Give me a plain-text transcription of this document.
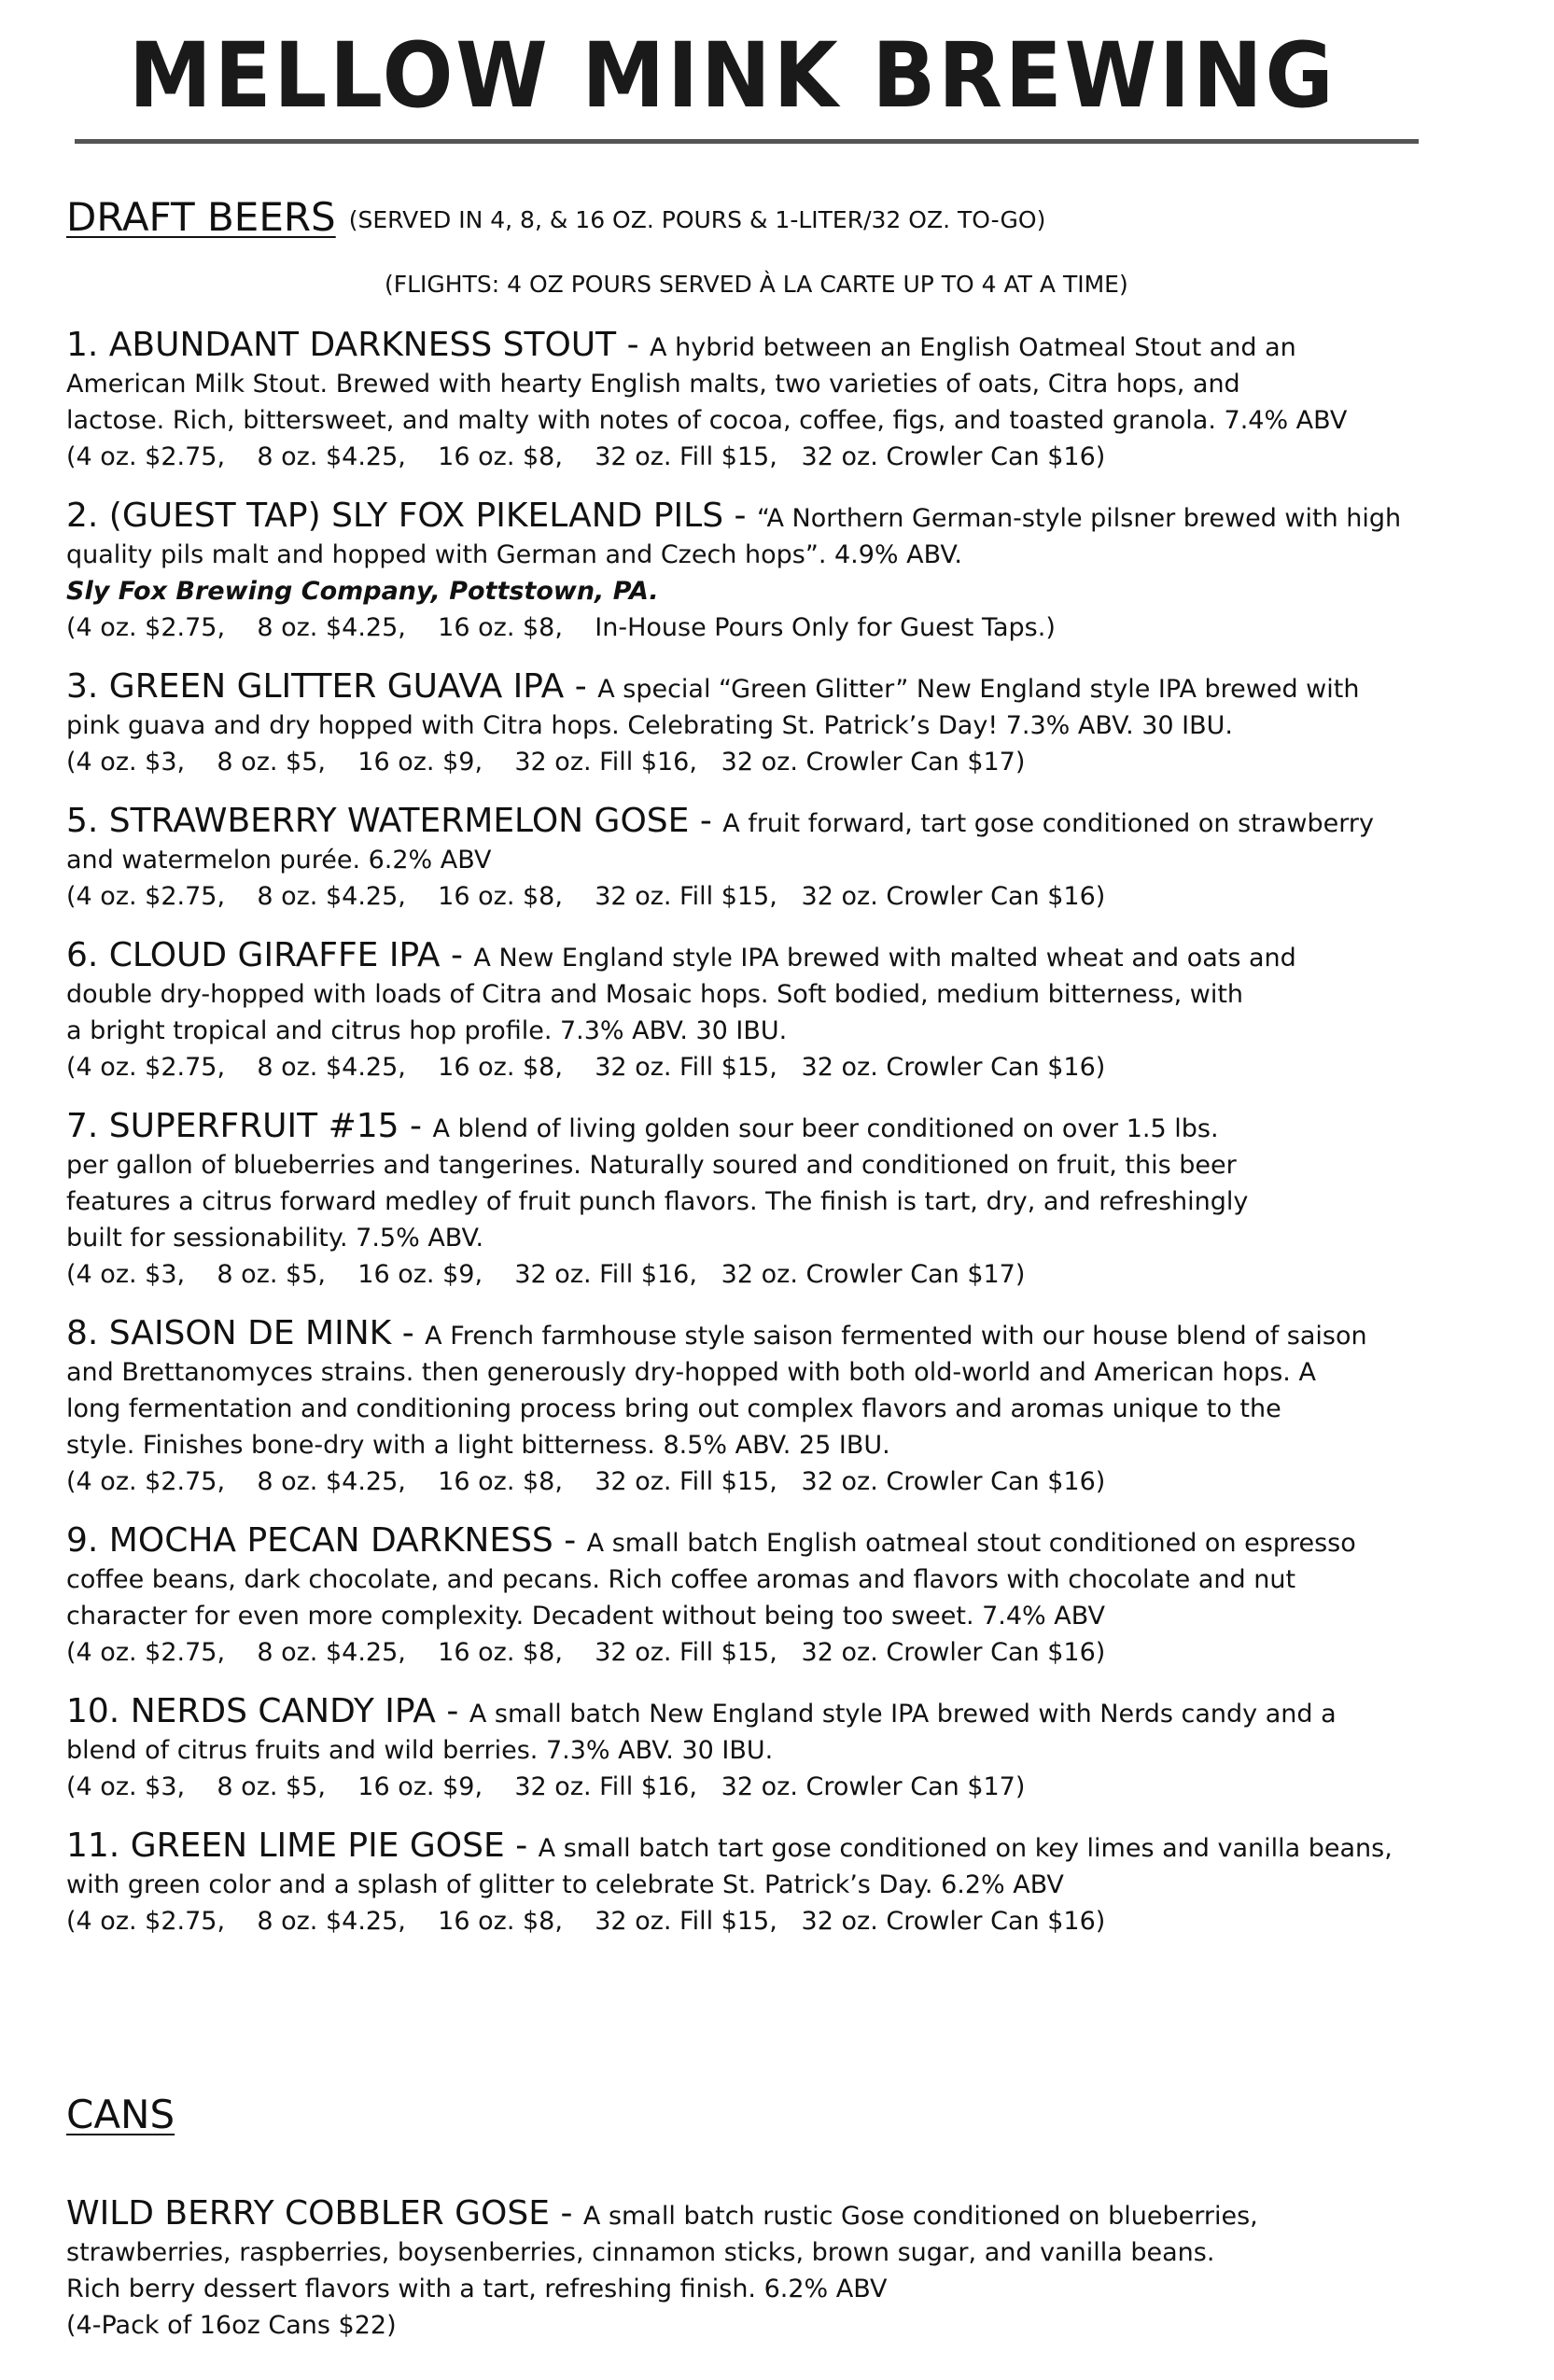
MELLOW MINK BREWING
DRAFT BEERS (SERVED IN 4, 8, & 16 OZ. POURS & 1-LITER/32 OZ. TO-GO)
(FLIGHTS: 4 OZ POURS SERVED À LA CARTE UP TO 4 AT A TIME)

1. ABUNDANT DARKNESS STOUT - A hybrid between an English Oatmeal Stout and an

American Milk Stout. Brewed with hearty English malts, two varieties of oats, Citra hops, and

lactose. Rich, bittersweet, and malty with notes of cocoa, coffee, figs, and toasted granola. 7.4% ABV

(4 oz. $2.75,    8 oz. $4.25,    16 oz. $8,    32 oz. Fill $15,   32 oz. Crowler Can $16)

2. (GUEST TAP) SLY FOX PIKELAND PILS - “A Northern German-style pilsner brewed with high

quality pils malt and hopped with German and Czech hops”. 4.9% ABV.

Sly Fox Brewing Company, Pottstown, PA.

(4 oz. $2.75,    8 oz. $4.25,    16 oz. $8,    In-House Pours Only for Guest Taps.)

3. GREEN GLITTER GUAVA IPA - A special “Green Glitter” New England style IPA brewed with

pink guava and dry hopped with Citra hops. Celebrating St. Patrick’s Day! 7.3% ABV. 30 IBU.

(4 oz. $3,    8 oz. $5,    16 oz. $9,    32 oz. Fill $16,   32 oz. Crowler Can $17)

5. STRAWBERRY WATERMELON GOSE - A fruit forward, tart gose conditioned on strawberry

and watermelon purée. 6.2% ABV

(4 oz. $2.75,    8 oz. $4.25,    16 oz. $8,    32 oz. Fill $15,   32 oz. Crowler Can $16)

6. CLOUD GIRAFFE IPA - A New England style IPA brewed with malted wheat and oats and

double dry-hopped with loads of Citra and Mosaic hops. Soft bodied, medium bitterness, with

a bright tropical and citrus hop profile. 7.3% ABV. 30 IBU.

(4 oz. $2.75,    8 oz. $4.25,    16 oz. $8,    32 oz. Fill $15,   32 oz. Crowler Can $16)

7. SUPERFRUIT #15 - A blend of living golden sour beer conditioned on over 1.5 lbs.

per gallon of blueberries and tangerines. Naturally soured and conditioned on fruit, this beer

features a citrus forward medley of fruit punch flavors. The finish is tart, dry, and refreshingly

built for sessionability. 7.5% ABV.

(4 oz. $3,    8 oz. $5,    16 oz. $9,    32 oz. Fill $16,   32 oz. Crowler Can $17)

8. SAISON DE MINK - A French farmhouse style saison fermented with our house blend of saison

and Brettanomyces strains. then generously dry-hopped with both old-world and American hops. A

long fermentation and conditioning process bring out complex flavors and aromas unique to the

style. Finishes bone-dry with a light bitterness. 8.5% ABV. 25 IBU.

(4 oz. $2.75,    8 oz. $4.25,    16 oz. $8,    32 oz. Fill $15,   32 oz. Crowler Can $16)

9. MOCHA PECAN DARKNESS - A small batch English oatmeal stout conditioned on espresso

coffee beans, dark chocolate, and pecans. Rich coffee aromas and flavors with chocolate and nut

character for even more complexity. Decadent without being too sweet. 7.4% ABV

(4 oz. $2.75,    8 oz. $4.25,    16 oz. $8,    32 oz. Fill $15,   32 oz. Crowler Can $16)

10. NERDS CANDY IPA - A small batch New England style IPA brewed with Nerds candy and a

blend of citrus fruits and wild berries. 7.3% ABV. 30 IBU.

(4 oz. $3,    8 oz. $5,    16 oz. $9,    32 oz. Fill $16,   32 oz. Crowler Can $17)

11. GREEN LIME PIE GOSE - A small batch tart gose conditioned on key limes and vanilla beans,

with green color and a splash of glitter to celebrate St. Patrick’s Day. 6.2% ABV

(4 oz. $2.75,    8 oz. $4.25,    16 oz. $8,    32 oz. Fill $15,   32 oz. Crowler Can $16)

CANS

WILD BERRY COBBLER GOSE - A small batch rustic Gose conditioned on blueberries,

strawberries, raspberries, boysenberries, cinnamon sticks, brown sugar, and vanilla beans.

Rich berry dessert flavors with a tart, refreshing finish. 6.2% ABV

(4-Pack of 16oz Cans $22)
